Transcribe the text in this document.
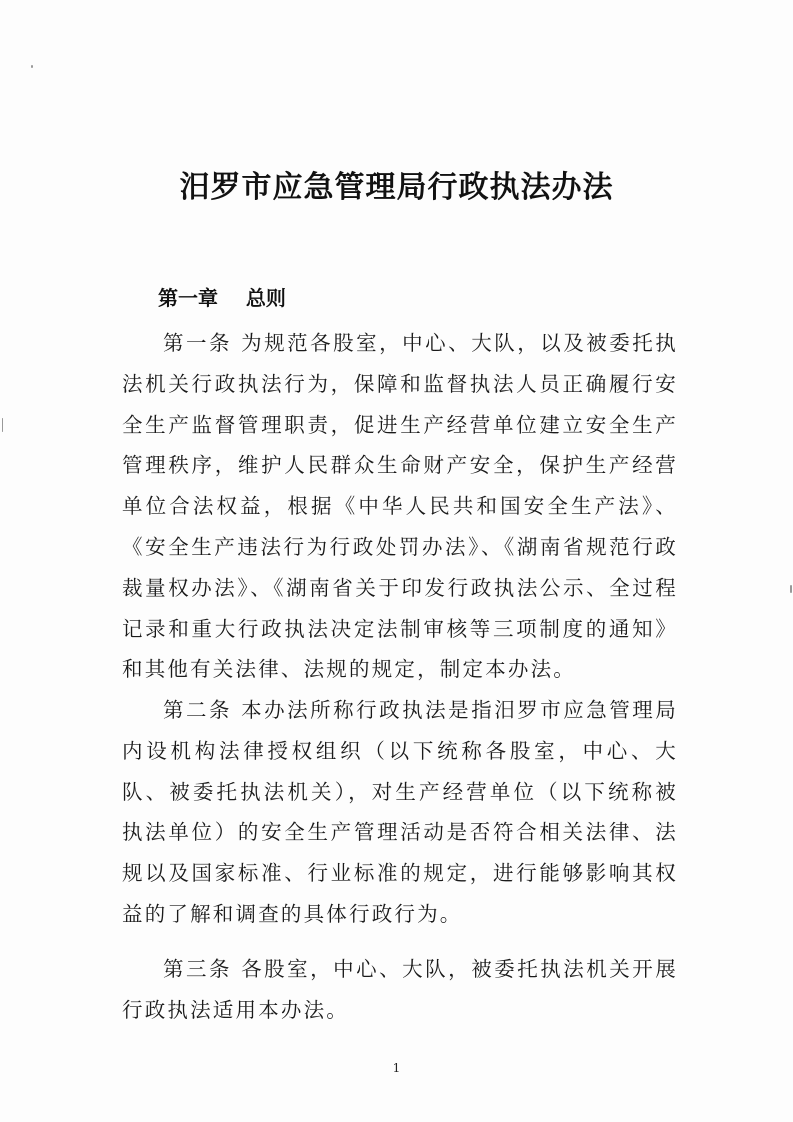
汨罗市应急管理局行政执法办法
第一章    总则

第一条 为规范各股室，中心、大队，以及被委托执法机关行政执法行为，保障和监督执法人员正确履行安全生产监督管理职责，促进生产经营单位建立安全生产管理秩序，维护人民群众生命财产安全，保护生产经营单位合法权益，根据《中华人民共和国安全生产法》、《安全生产违法行为行政处罚办法》、《湖南省规范行政裁量权办法》、《湖南省关于印发行政执法公示、全过程记录和重大行政执法决定法制审核等三项制度的通知》和其他有关法律、法规的规定，制定本办法。

第二条 本办法所称行政执法是指汨罗市应急管理局内设机构法律授权组织（以下统称各股室，中心、大队、被委托执法机关），对生产经营单位（以下统称被执法单位）的安全生产管理活动是否符合相关法律、法规以及国家标准、行业标准的规定，进行能够影响其权益的了解和调查的具体行政行为。

第三条 各股室，中心、大队，被委托执法机关开展行政执法适用本办法。

1
